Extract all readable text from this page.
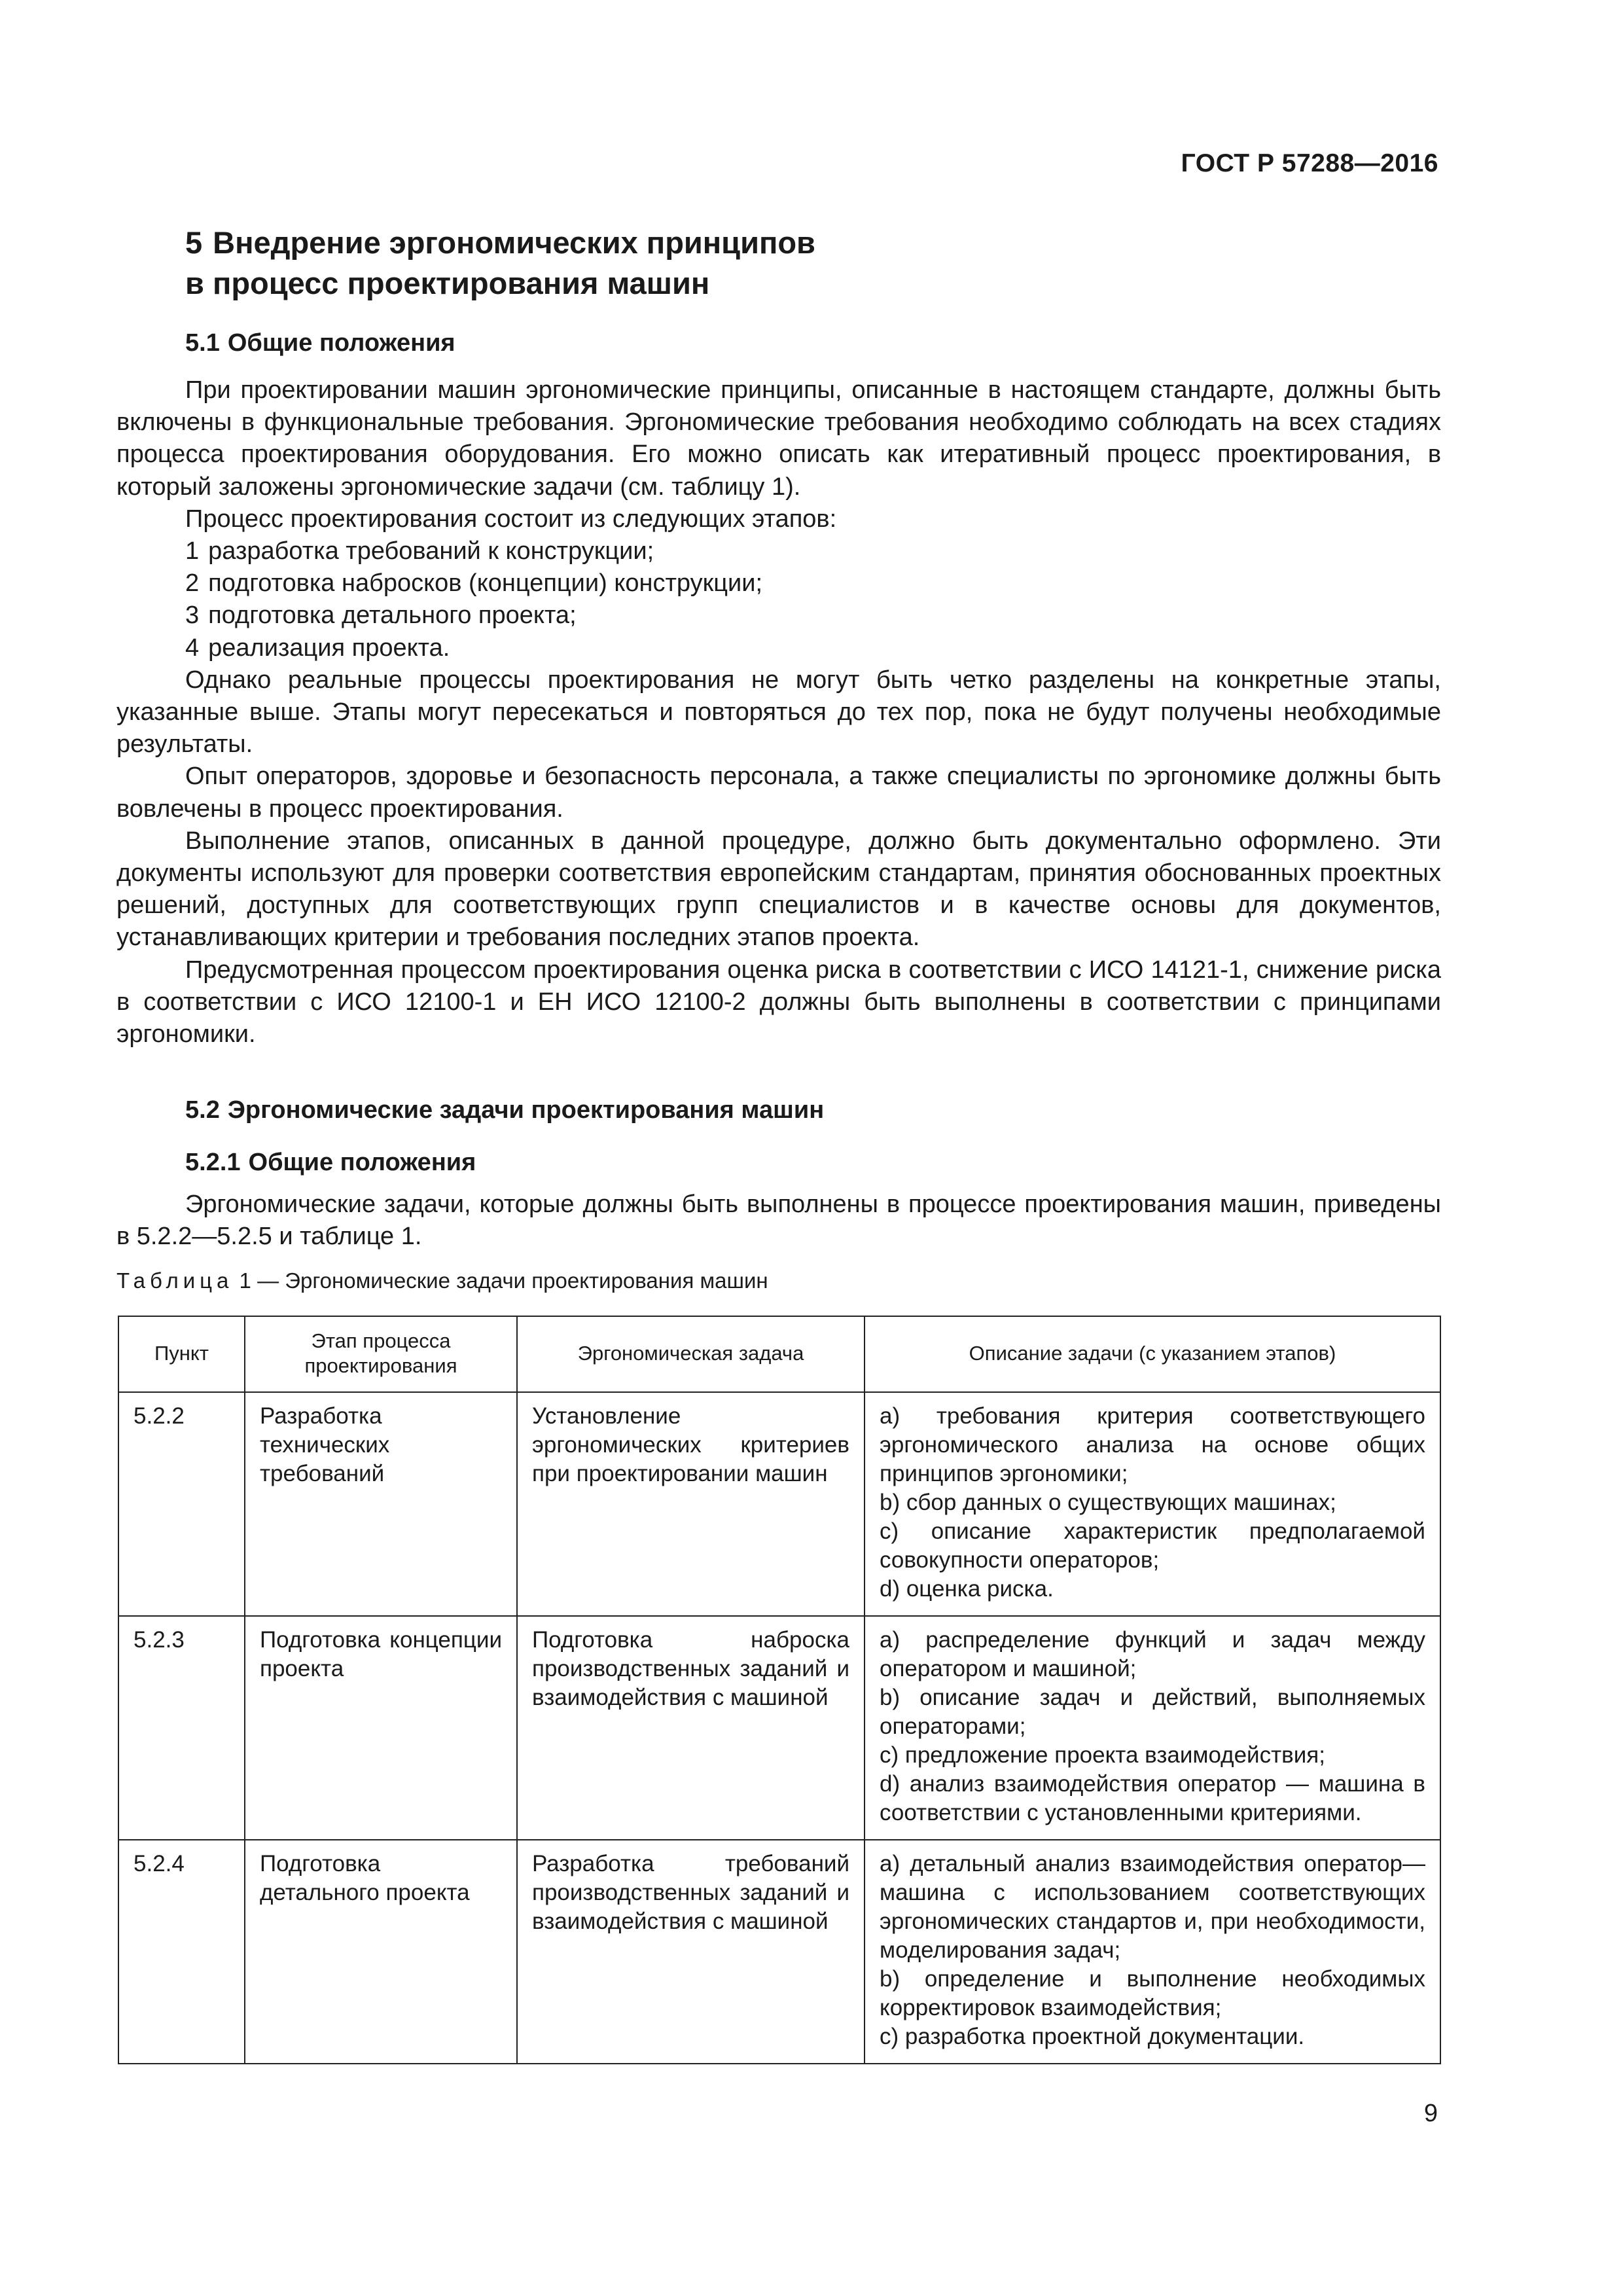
ГОСТ Р 57288—2016
5 Внедрение эргономических принципов
в процесс проектирования машин
5.1 Общие положения

При проектировании машин эргономические принципы, описанные в настоящем стандарте, должны быть включены в функциональные требования. Эргономические требования необходимо соблюдать на всех стадиях процесса проектирования оборудования. Его можно описать как итеративный процесс проектирования, в который заложены эргономические задачи (см. таблицу 1).

Процесс проектирования состоит из следующих этапов:

1 разработка требований к конструкции;
2 подготовка набросков (концепции) конструкции;
3 подготовка детального проекта;
4 реализация проекта.

Однако реальные процессы проектирования не могут быть четко разделены на конкретные этапы, указанные выше. Этапы могут пересекаться и повторяться до тех пор, пока не будут получены необходимые результаты.

Опыт операторов, здоровье и безопасность персонала, а также специалисты по эргономике должны быть вовлечены в процесс проектирования.

Выполнение этапов, описанных в данной процедуре, должно быть документально оформлено. Эти документы используют для проверки соответствия европейским стандартам, принятия обоснованных проектных решений, доступных для соответствующих групп специалистов и в качестве основы для документов, устанавливающих критерии и требования последних этапов проекта.

Предусмотренная процессом проектирования оценка риска в соответствии с ИСО 14121-1, снижение риска в соответствии с ИСО 12100-1 и ЕН ИСО 12100-2 должны быть выполнены в соответствии с принципами эргономики.

5.2 Эргономические задачи проектирования машин
5.2.1 Общие положения

Эргономические задачи, которые должны быть выполнены в процессе проектирования машин, приведены в 5.2.2—5.2.5 и таблице 1.

Таблица 1 — Эргономические задачи проектирования машин
Пункт	Этап процесса проектирования	Эргономическая задача	Описание задачи (с указанием этапов)
5.2.2	Разработка технических требований	Установление эргономических критериев при проектировании машин	a) требования критерия соответствующего эргономического анализа на основе общих принципов эргономики;
b) сбор данных о существующих машинах;
c) описание характеристик предполагаемой совокупности операторов;
d) оценка риска.

5.2.3	Подготовка концепции проекта	Подготовка наброска производственных заданий и взаимодействия с машиной	a) распределение функций и задач между оператором и машиной;
b) описание задач и действий, выполняемых операторами;
c) предложение проекта взаимодействия;
d) анализ взаимодействия оператор — машина в соответствии с установленными критериями.

5.2.4	Подготовка детального проекта	Разработка требований производственных заданий и взаимодействия с машиной	a) детальный анализ взаимодействия оператор—машина с использованием соответствующих эргономических стандартов и, при необходимости, моделирования задач;
b) определение и выполнение необходимых корректировок взаимодействия;
c) разработка проектной документации.
9
